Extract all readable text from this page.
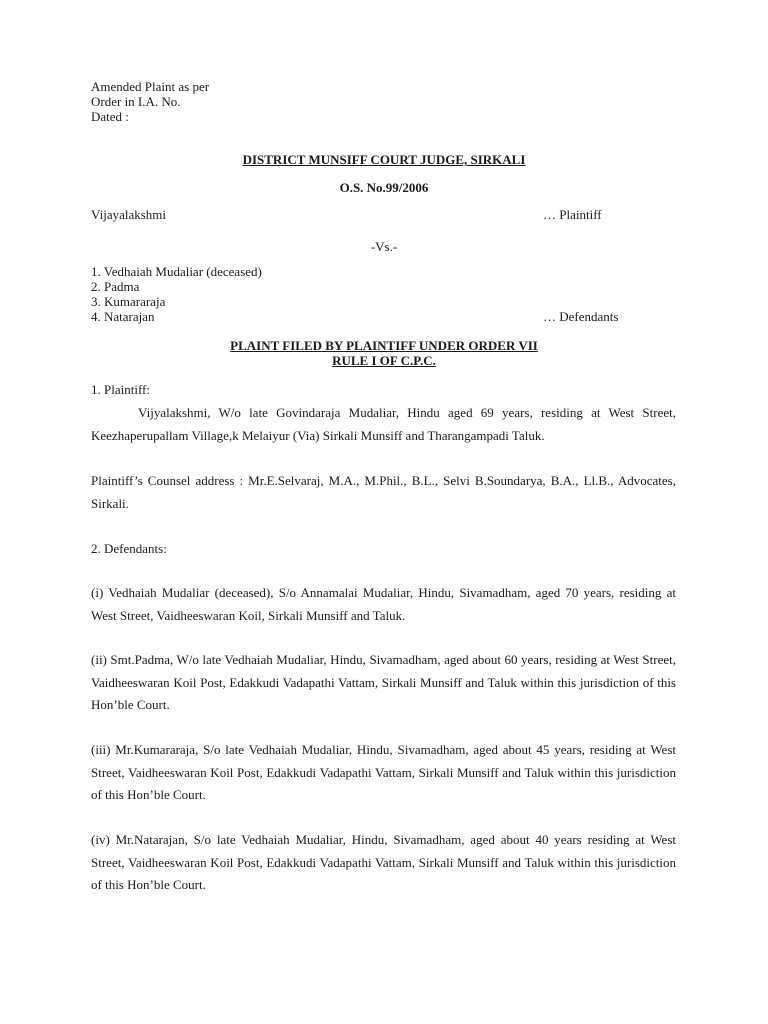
Amended Plaint as per
Order in I.A. No.
Dated :
DISTRICT MUNSIFF COURT JUDGE, SIRKALI
O.S. No.99/2006
Vijayalakshmi	… Plaintiff
-Vs.-
1. Vedhaiah Mudaliar (deceased)
2. Padma
3. Kumararaja
4. Natarajan	… Defendants
PLAINT FILED BY PLAINTIFF UNDER ORDER VII
RULE I OF C.P.C.
1. Plaintiff:
Vijyalakshmi, W/o late Govindaraja Mudaliar, Hindu aged 69 years, residing at West Street, Keezhaperupallam Village,k Melaiyur (Via) Sirkali Munsiff and Tharangampadi Taluk.
Plaintiff’s Counsel address : Mr.E.Selvaraj, M.A., M.Phil., B.L., Selvi B.Soundarya, B.A., Ll.B., Advocates, Sirkali.
2. Defendants:
(i) Vedhaiah Mudaliar (deceased), S/o Annamalai Mudaliar, Hindu, Sivamadham, aged 70 years, residing at West Street, Vaidheeswaran Koil, Sirkali Munsiff and Taluk.
(ii) Smt.Padma, W/o late Vedhaiah Mudaliar, Hindu, Sivamadham, aged about 60 years, residing at West Street, Vaidheeswaran Koil Post, Edakkudi Vadapathi Vattam, Sirkali Munsiff and Taluk within this jurisdiction of this Hon’ble Court.
(iii) Mr.Kumararaja, S/o late Vedhaiah Mudaliar, Hindu, Sivamadham, aged about 45 years, residing at West Street, Vaidheeswaran Koil Post, Edakkudi Vadapathi Vattam, Sirkali Munsiff and Taluk within this jurisdiction of this Hon’ble Court.
(iv) Mr.Natarajan, S/o late Vedhaiah Mudaliar, Hindu, Sivamadham, aged about 40 years residing at West Street, Vaidheeswaran Koil Post, Edakkudi Vadapathi Vattam, Sirkali Munsiff and Taluk within this jurisdiction of this Hon’ble Court.
